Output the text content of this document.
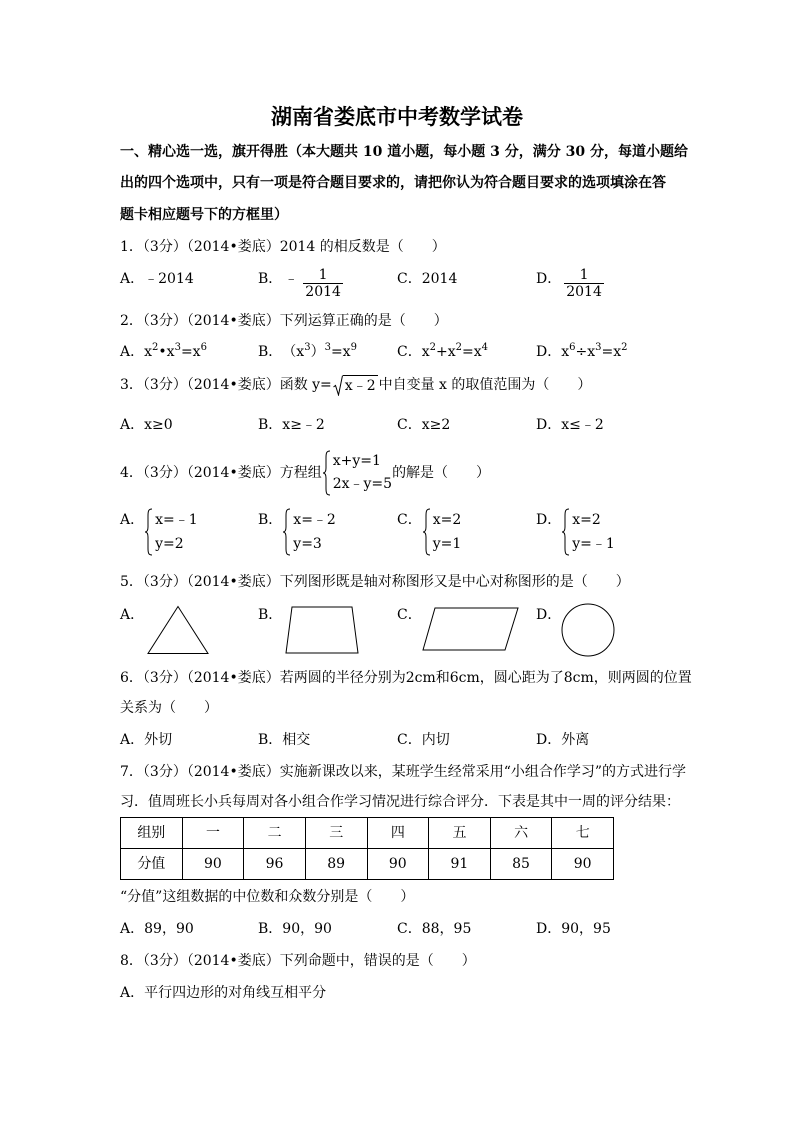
湖南省娄底市中考数学试卷
一、精心选一选，旗开得胜（本大题共 10 道小题，每小题 3 分，满分 30 分，每道小题给
出的四个选项中，只有一项是符合题目要求的，请把你认为符合题目要求的选项填涂在答
题卡相应题号下的方框里）
1．（3分）（2014•娄底）2014 的相反数是（　　）
A． ﹣2014	B． ﹣ $\frac{1}{2014}$	C． 2014	D． $\frac{1}{2014}$
2．（3分）（2014•娄底）下列运算正确的是（　　）
A． $x^2•x^3=x^6$	B． $(x^3)^3=x^9$	C． $x^2+x^2=x^4$	D． $x^6\div x^3=x^2$
3．（3分）（2014•娄底）函数 y= x﹣2 中自变量 x 的取值范围为（　　）
A． x≥0	B． x≥﹣2	C． x≥2	D． x≤﹣2
4．（3分）（2014•娄底）方程组
x+y=1
2x﹣y=5
的解是（　　）
A． x=﹣1
y=2
B． x=﹣2
y=3
C． x=2
y=1
D． x=2
y=﹣1
5．（3分）（2014•娄底）下列图形既是轴对称图形又是中心对称图形的是（　　）
A．	B．	C．	D．
6．（3分）（2014•娄底）若两圆的半径分别为2cm和6cm，圆心距为了8cm，则两圆的位置
关系为（　　）
A． 外切	B． 相交	C． 内切	D． 外离
7．（3分）（2014•娄底）实施新课改以来，某班学生经常采用“小组合作学习”的方式进行学
习．值周班长小兵每周对各小组合作学习情况进行综合评分．下表是其中一周的评分结果：
组别	一	二	三	四	五	六	七
分值	90	96	89	90	91	85	90
“分值”这组数据的中位数和众数分别是（　　）
A． 89，90	B． 90，90	C． 88，95	D． 90，95
8．（3分）（2014•娄底）下列命题中，错误的是（　　）
A． 平行四边形的对角线互相平分
